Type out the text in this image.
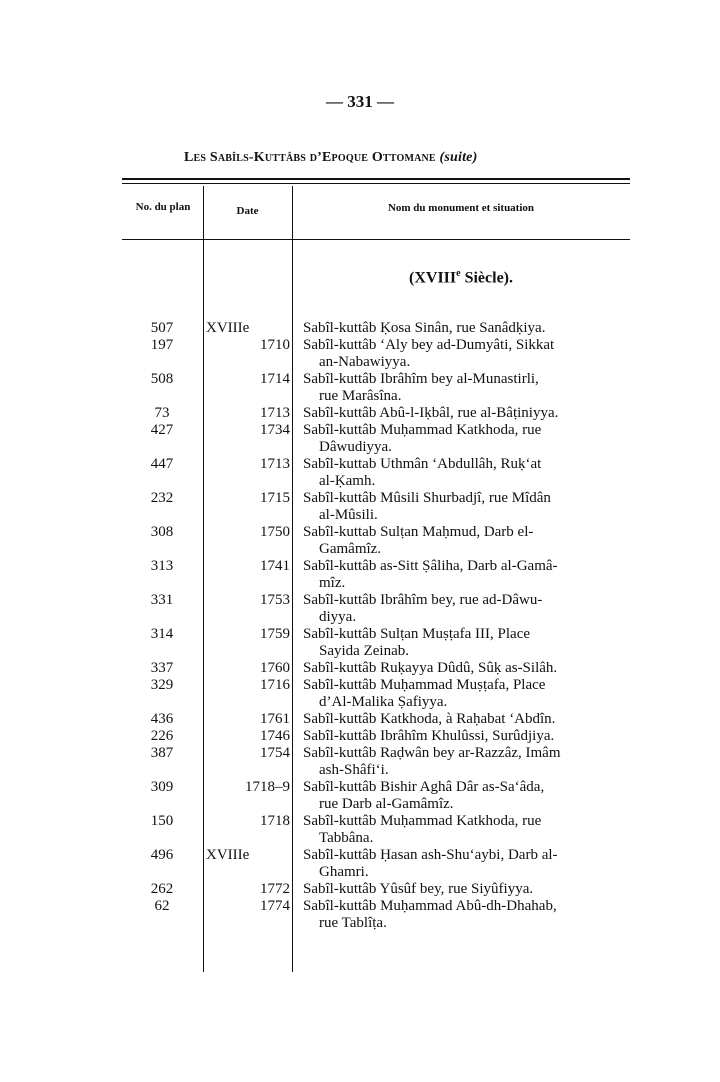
— 331 —
Les Sabîls-Kuttâbs d’Epoque Ottomane (suite)
No. du plan	Date	Nom du monument et situation
(XVIIIe Siècle).
507	XVIIIe	Sabîl-kuttâb Ḳosa Sinân, rue Sanâdḳiya.
197	1710 Sabîl-kuttâb ‘Aly bey ad-Dumyâti, Sikkat
an-Nabawiyya.
508	1714 Sabîl-kuttâb Ibrâhîm bey al-Munastirli,
rue Marâsîna.
73	1713 Sabîl-kuttâb Abû-l-Iḳbâl, rue al-Bâṭiniyya.
427	1734 Sabîl-kuttâb Muḥammad Katkhoda, rue
Dâwudiyya.
447	1713 Sabîl-kuttab Uthmân ‘Abdullâh, Ruḳ‘at
al-Ḳamh.
232	1715 Sabîl-kuttâb Mûsili Shurbadjî, rue Mîdân
al-Mûsili.
308	1750 Sabîl-kuttab Sulṭan Maḥmud, Darb el-
Gamâmîz.
313	1741 Sabîl-kuttâb as-Sitt Ṣâliha, Darb al-Gamâ-
mîz.
331	1753 Sabîl-kuttâb Ibrâhîm bey, rue ad-Dâwu-
diyya.
314	1759 Sabîl-kuttâb Sulṭan Muṣṭafa III, Place
Sayida Zeinab.
337	1760 Sabîl-kuttâb Ruḳayya Dûdû, Sûḳ as-Silâh.
329	1716 Sabîl-kuttâb Muḥammad Muṣṭafa, Place
d’Al-Malika Ṣafiyya.
436	1761 Sabîl-kuttâb Katkhoda, à Raḥabat ‘Abdîn.
226	1746 Sabîl-kuttâb Ibrâhîm Khulûssi, Surûdjiya.
387	1754 Sabîl-kuttâb Raḍwân bey ar-Razzâz, Imâm
ash-Shâfi‘i.
309	1718–9 Sabîl-kuttâb Bishir Aghâ Dâr as-Sa‘âda,
rue Darb al-Gamâmîz.
150	1718 Sabîl-kuttâb Muḥammad Katkhoda, rue
Tabbâna.
496	XVIIIe	Sabîl-kuttâb Ḥasan ash-Shu‘aybi, Darb al-
Ghamri.
262	1772 Sabîl-kuttâb Yûsûf bey, rue Siyûfiyya.
62	1774 Sabîl-kuttâb Muḥammad Abû-dh-Dhahab,
rue Tablîṭa.
